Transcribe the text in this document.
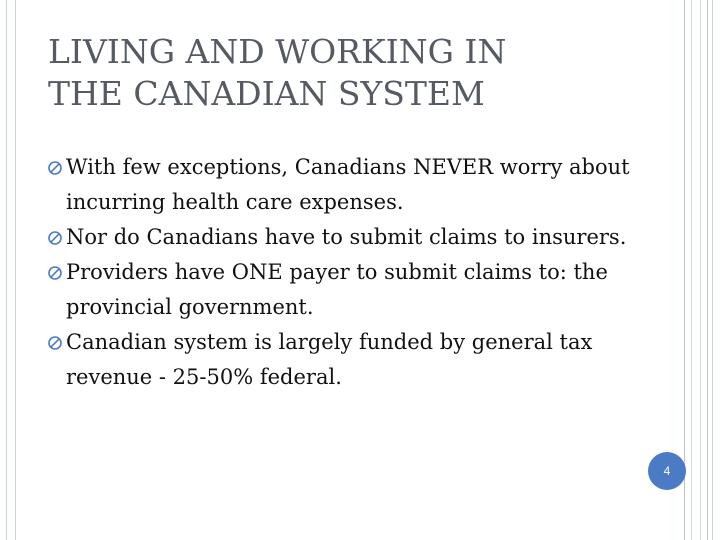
LIVING AND WORKING IN
THE CANADIAN SYSTEM
With few exceptions, Canadians NEVER worry about incurring health care expenses.
Nor do Canadians have to submit claims to insurers.
Providers have ONE payer to submit claims to: the provincial government.
Canadian system is largely funded by general tax revenue - 25-50% federal.
4
